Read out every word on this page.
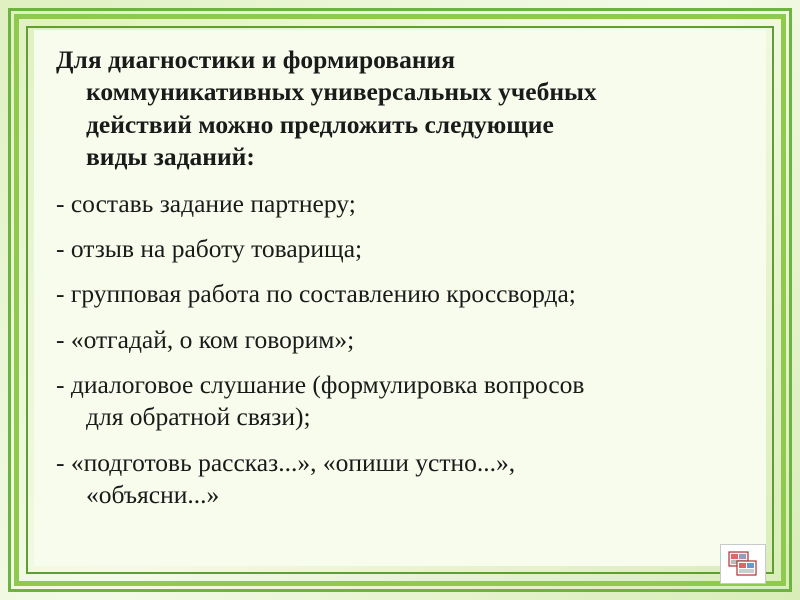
Для диагностики и формирования
коммуникативных универсальных учебных
действий можно предложить следующие
виды заданий:
- составь задание партнеру;
- отзыв на работу товарища;
- групповая работа по составлению кроссворда;
- «отгадай, о ком говорим»;
- диалоговое слушание (формулировка вопросов
для обратной связи);
- «подготовь рассказ...», «опиши устно...»,
«объясни...»
